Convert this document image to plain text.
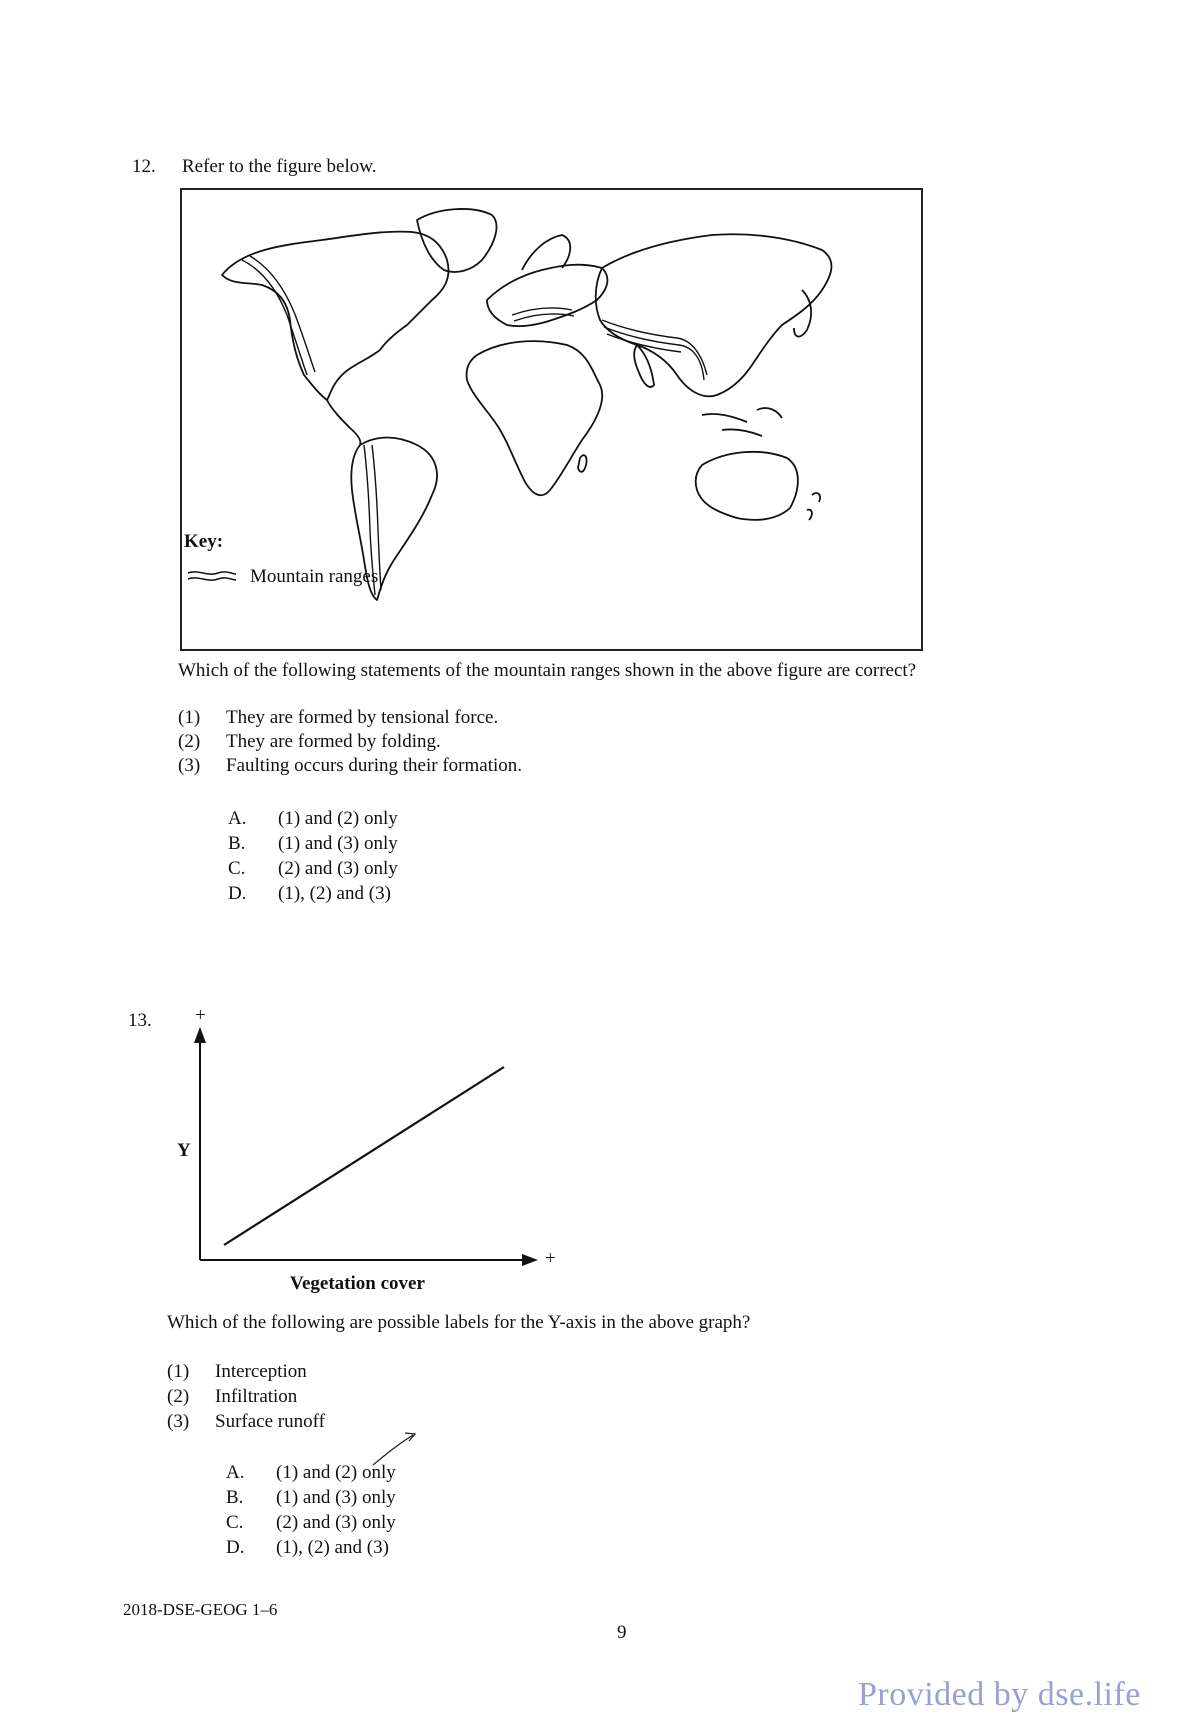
12. Refer to the figure below.
Key:
Mountain ranges
Which of the following statements of the mountain ranges shown in the above figure are correct?
(1) They are formed by tensional force.
(2) They are formed by folding.
(3) Faulting occurs during their formation.
A. (1) and (2) only
B. (1) and (3) only
C. (2) and (3) only
D. (1), (2) and (3)
13. +
Y
+
Vegetation cover
Which of the following are possible labels for the Y-axis in the above graph?
(1) Interception
(2) Infiltration
(3) Surface runoff
A. (1) and (2) only
B. (1) and (3) only
C. (2) and (3) only
D. (1), (2) and (3)
2018-DSE-GEOG 1–6
9
Provided by dse.life
